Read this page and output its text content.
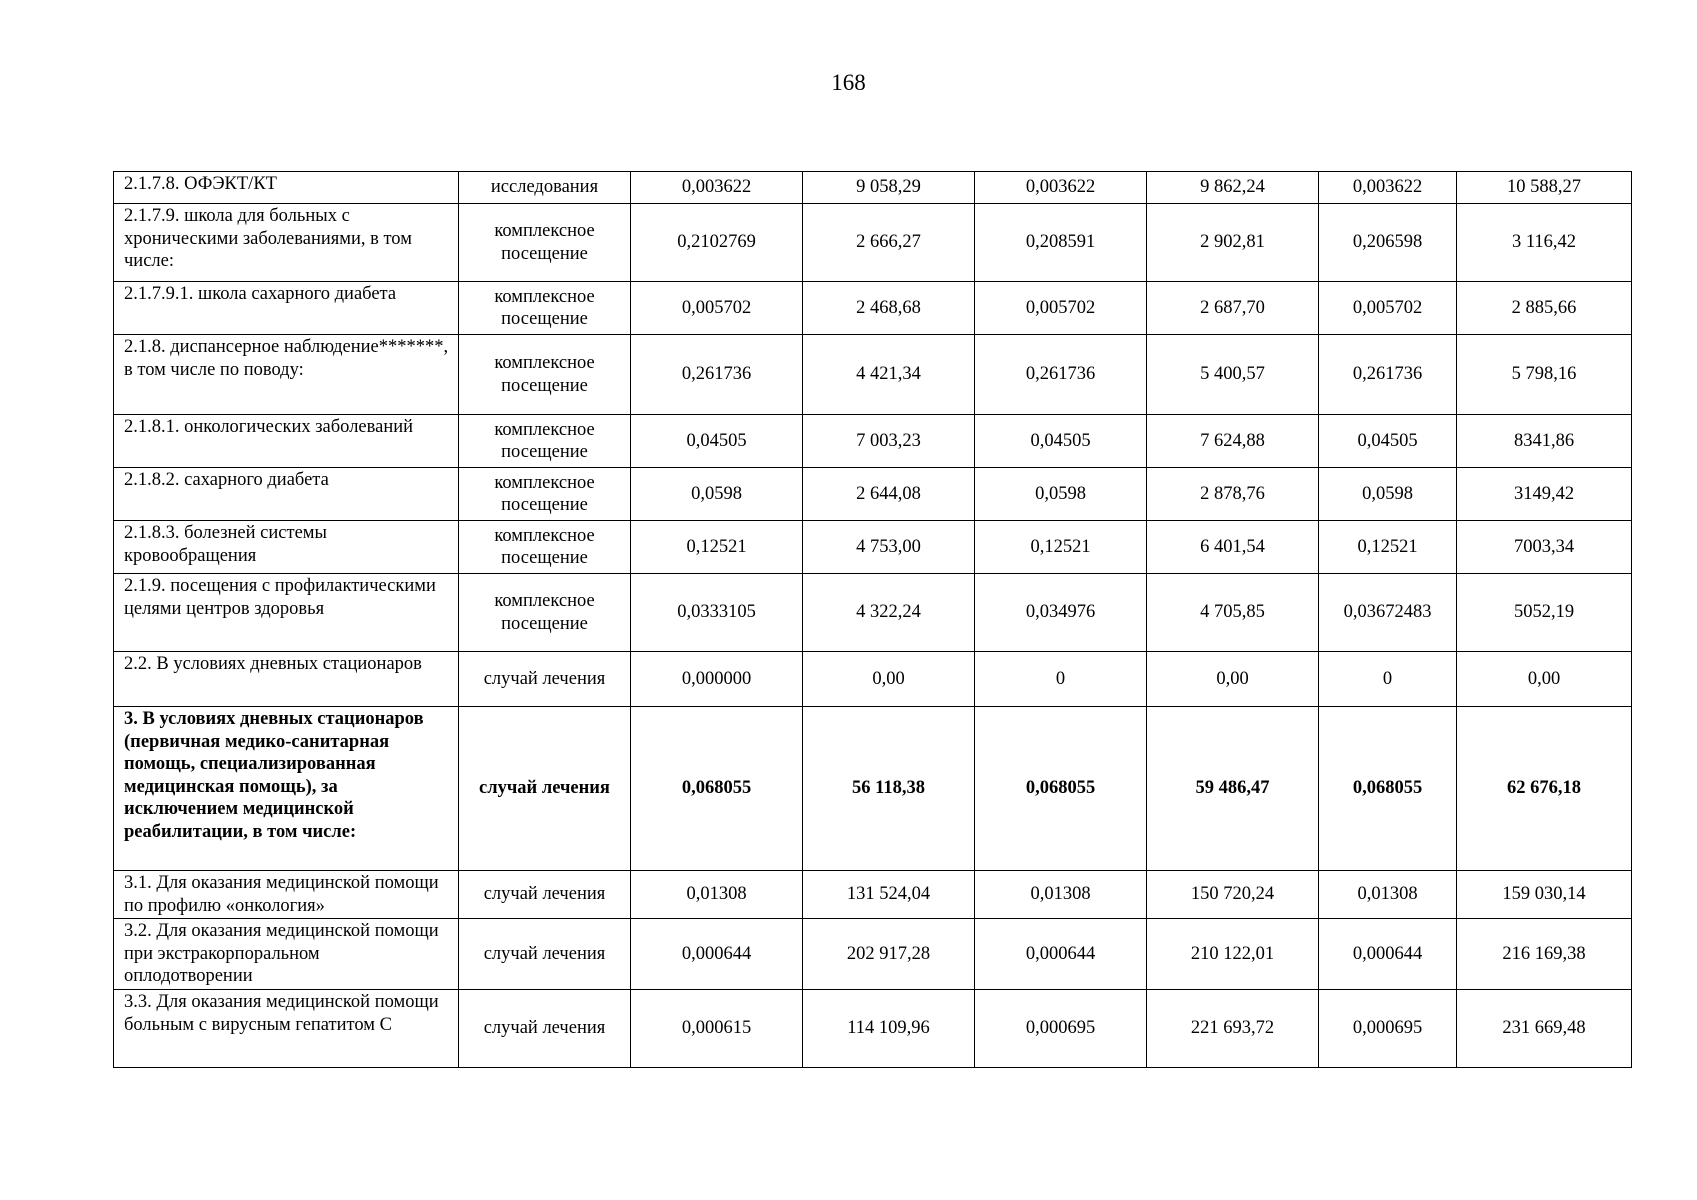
168
2.1.7.8. ОФЭКТ/КТ	исследования	0,003622	9 058,29	0,003622	9 862,24	0,003622	10 588,27
2.1.7.9. школа для больных с хроническими заболеваниями, в том числе:	комплексное посещение	0,2102769	2 666,27	0,208591	2 902,81	0,206598	3 116,42
2.1.7.9.1. школа сахарного диабета	комплексное посещение	0,005702	2 468,68	0,005702	2 687,70	0,005702	2 885,66
2.1.8. диспансерное наблюдение*******, в том числе по поводу:	комплексное посещение	0,261736	4 421,34	0,261736	5 400,57	0,261736	5 798,16
2.1.8.1. онкологических заболеваний	комплексное посещение	0,04505	7 003,23	0,04505	7 624,88	0,04505	8341,86
2.1.8.2. сахарного диабета	комплексное посещение	0,0598	2 644,08	0,0598	2 878,76	0,0598	3149,42
2.1.8.3. болезней системы кровообращения	комплексное посещение	0,12521	4 753,00	0,12521	6 401,54	0,12521	7003,34
2.1.9. посещения с профилактическими целями центров здоровья	комплексное посещение	0,0333105	4 322,24	0,034976	4 705,85	0,03672483	5052,19
2.2. В условиях дневных стационаров	случай лечения	0,000000	0,00	0	0,00	0	0,00
3. В условиях дневных стационаров (первичная медико-санитарная помощь, специализированная медицинская помощь), за исключением медицинской реабилитации, в том числе:	случай лечения	0,068055	56 118,38	0,068055	59 486,47	0,068055	62 676,18
3.1. Для оказания медицинской помощи по профилю «онкология»	случай лечения	0,01308	131 524,04	0,01308	150 720,24	0,01308	159 030,14
3.2. Для оказания медицинской помощи при экстракорпоральном оплодотворении	случай лечения	0,000644	202 917,28	0,000644	210 122,01	0,000644	216 169,38
3.3. Для оказания медицинской помощи больным с вирусным гепатитом С	случай лечения	0,000615	114 109,96	0,000695	221 693,72	0,000695	231 669,48
